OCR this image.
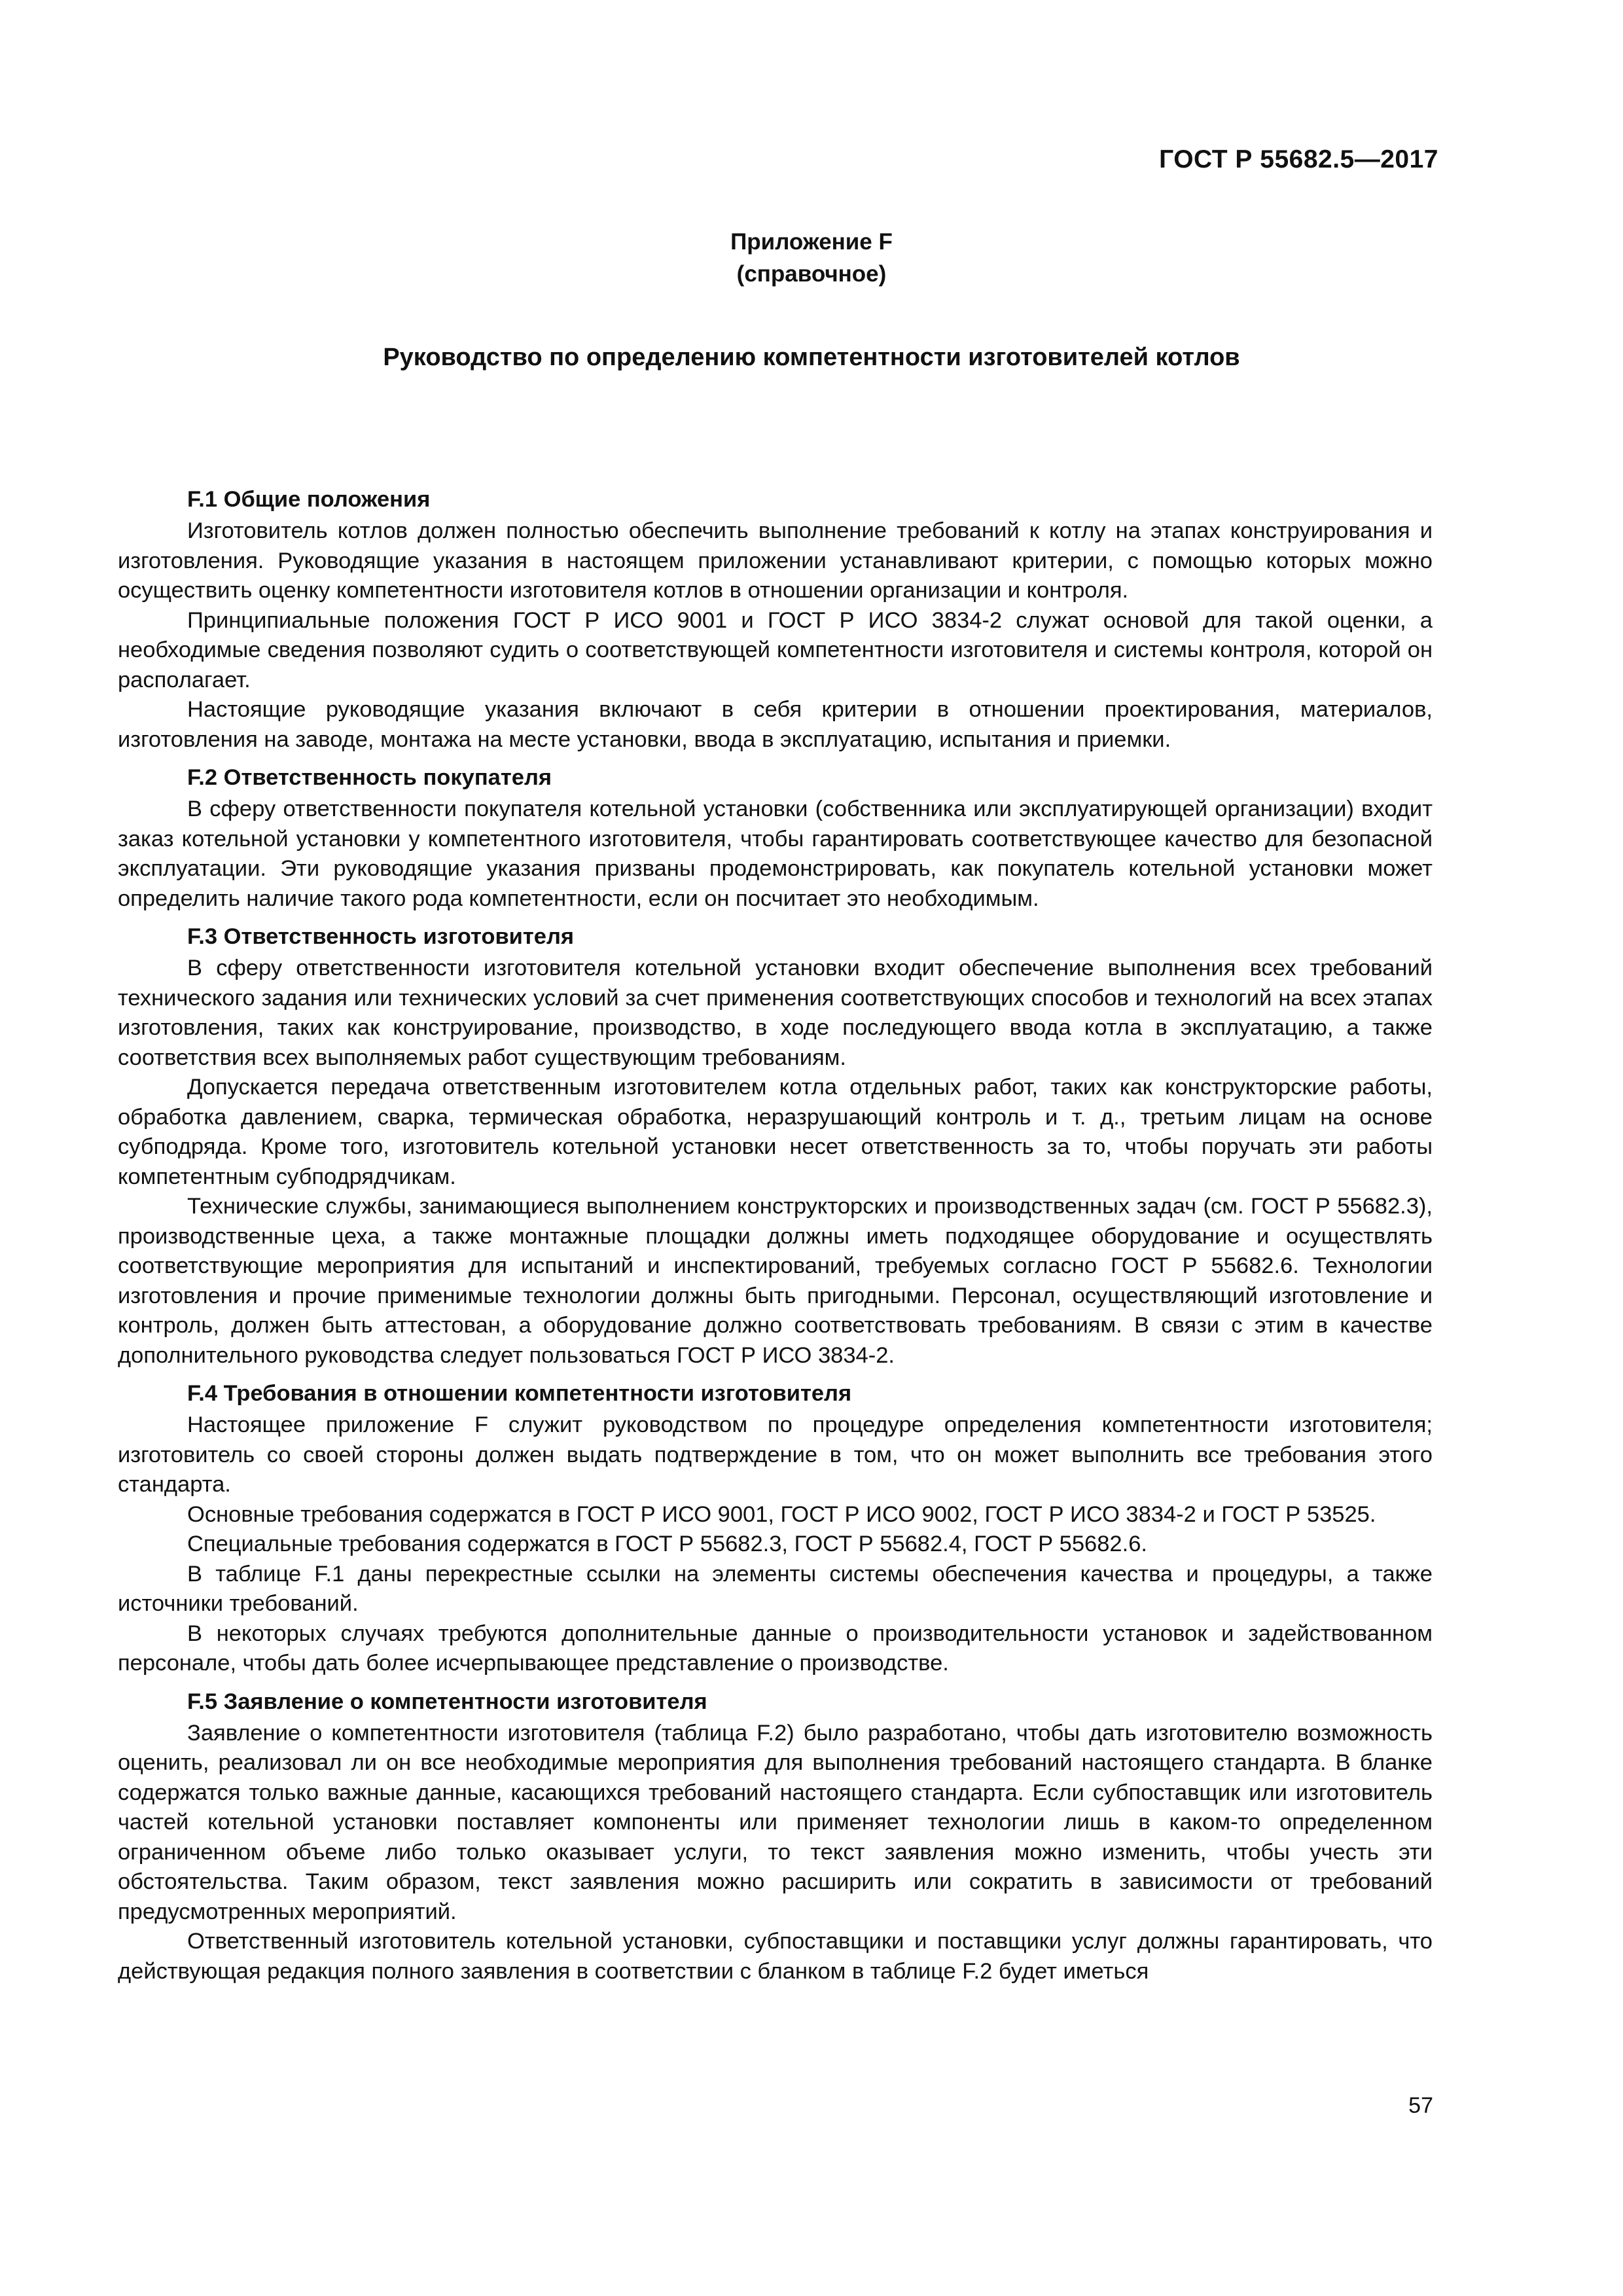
ГОСТ Р 55682.5—2017
Приложение F
(справочное)
Руководство по определению компетентности изготовителей котлов
F.1 Общие положения

Изготовитель котлов должен полностью обеспечить выполнение требований к котлу на этапах конструирования и изготовления. Руководящие указания в настоящем приложении устанавливают критерии, с помощью которых можно осуществить оценку компетентности изготовителя котлов в отношении организации и контроля.

Принципиальные положения ГОСТ Р ИСО 9001 и ГОСТ Р ИСО 3834-2 служат основой для такой оценки, а необходимые сведения позволяют судить о соответствующей компетентности изготовителя и системы контроля, которой он располагает.

Настоящие руководящие указания включают в себя критерии в отношении проектирования, материалов, изготовления на заводе, монтажа на месте установки, ввода в эксплуатацию, испытания и приемки.

F.2 Ответственность покупателя

В сферу ответственности покупателя котельной установки (собственника или эксплуатирующей организации) входит заказ котельной установки у компетентного изготовителя, чтобы гарантировать соответствующее качество для безопасной эксплуатации. Эти руководящие указания призваны продемонстрировать, как покупатель котельной установки может определить наличие такого рода компетентности, если он посчитает это необходимым.

F.3 Ответственность изготовителя

В сферу ответственности изготовителя котельной установки входит обеспечение выполнения всех требований технического задания или технических условий за счет применения соответствующих способов и технологий на всех этапах изготовления, таких как конструирование, производство, в ходе последующего ввода котла в эксплуатацию, а также соответствия всех выполняемых работ существующим требованиям.

Допускается передача ответственным изготовителем котла отдельных работ, таких как конструкторские работы, обработка давлением, сварка, термическая обработка, неразрушающий контроль и т. д., третьим лицам на основе субподряда. Кроме того, изготовитель котельной установки несет ответственность за то, чтобы поручать эти работы компетентным субподрядчикам.

Технические службы, занимающиеся выполнением конструкторских и производственных задач (см. ГОСТ Р 55682.3), производственные цеха, а также монтажные площадки должны иметь подходящее оборудование и осуществлять соответствующие мероприятия для испытаний и инспектирований, требуемых согласно ГОСТ Р 55682.6. Технологии изготовления и прочие применимые технологии должны быть пригодными. Персонал, осуществляющий изготовление и контроль, должен быть аттестован, а оборудование должно соответствовать требованиям. В связи с этим в качестве дополнительного руководства следует пользоваться ГОСТ Р ИСО 3834-2.

F.4 Требования в отношении компетентности изготовителя

Настоящее приложение F служит руководством по процедуре определения компетентности изготовителя; изготовитель со своей стороны должен выдать подтверждение в том, что он может выполнить все требования этого стандарта.

Основные требования содержатся в ГОСТ Р ИСО 9001, ГОСТ Р ИСО 9002, ГОСТ Р ИСО 3834-2 и ГОСТ Р 53525.

Специальные требования содержатся в ГОСТ Р 55682.3, ГОСТ Р 55682.4, ГОСТ Р 55682.6.

В таблице F.1 даны перекрестные ссылки на элементы системы обеспечения качества и процедуры, а также источники требований.

В некоторых случаях требуются дополнительные данные о производительности установок и задействованном персонале, чтобы дать более исчерпывающее представление о производстве.

F.5 Заявление о компетентности изготовителя

Заявление о компетентности изготовителя (таблица F.2) было разработано, чтобы дать изготовителю возможность оценить, реализовал ли он все необходимые мероприятия для выполнения требований настоящего стандарта. В бланке содержатся только важные данные, касающихся требований настоящего стандарта. Если субпоставщик или изготовитель частей котельной установки поставляет компоненты или применяет технологии лишь в каком-то определенном ограниченном объеме либо только оказывает услуги, то текст заявления можно изменить, чтобы учесть эти обстоятельства. Таким образом, текст заявления можно расширить или сократить в зависимости от требований предусмотренных мероприятий.

Ответственный изготовитель котельной установки, субпоставщики и поставщики услуг должны гарантировать, что действующая редакция полного заявления в соответствии с бланком в таблице F.2 будет иметься

57
